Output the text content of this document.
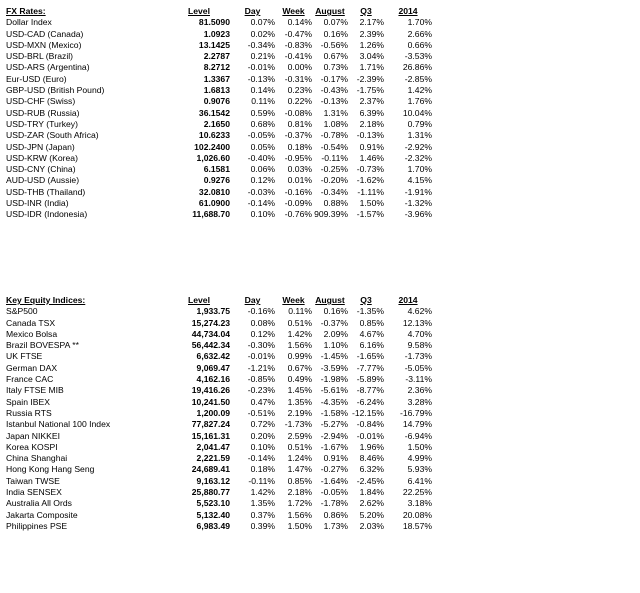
FX Rates:	Level	Day	Week	August	Q3	2014
Dollar Index	81.5090	0.07%	0.14%	0.07%	2.17%	1.70%
USD-CAD (Canada)	1.0923	0.02%	-0.47%	0.16%	2.39%	2.66%
USD-MXN (Mexico)	13.1425	-0.34%	-0.83%	-0.56%	1.26%	0.66%
USD-BRL (Brazil)	2.2787	0.21%	-0.41%	0.67%	3.04%	-3.53%
USD-ARS (Argentina)	8.2712	-0.01%	0.00%	0.73%	1.71%	26.86%
Eur-USD (Euro)	1.3367	-0.13%	-0.31%	-0.17%	-2.39%	-2.85%
GBP-USD (British Pound)	1.6813	0.14%	0.23%	-0.43%	-1.75%	1.42%
USD-CHF (Swiss)	0.9076	0.11%	0.22%	-0.13%	2.37%	1.76%
USD-RUB (Russia)	36.1542	0.59%	-0.08%	1.31%	6.39%	10.04%
USD-TRY (Turkey)	2.1650	0.68%	0.81%	1.08%	2.18%	0.79%
USD-ZAR (South Africa)	10.6233	-0.05%	-0.37%	-0.78%	-0.13%	1.31%
USD-JPN (Japan)	102.2400	0.05%	0.18%	-0.54%	0.91%	-2.92%
USD-KRW (Korea)	1,026.60	-0.40%	-0.95%	-0.11%	1.46%	-2.32%
USD-CNY (China)	6.1581	0.06%	0.03%	-0.25%	-0.73%	1.70%
AUD-USD (Aussie)	0.9276	0.12%	0.01%	-0.20%	-1.62%	4.15%
USD-THB (Thailand)	32.0810	-0.03%	-0.16%	-0.34%	-1.11%	-1.91%
USD-INR (India)	61.0900	-0.14%	-0.09%	0.88%	1.50%	-1.32%
USD-IDR (Indonesia)	11,688.70	0.10%	-0.76%	909.39%	-1.57%	-3.96%
Key Equity Indices:	Level	Day	Week	August	Q3	2014
S&P500	1,933.75	-0.16%	0.11%	0.16%	-1.35%	4.62%
Canada TSX	15,274.23	0.08%	0.51%	-0.37%	0.85%	12.13%
Mexico Bolsa	44,734.04	0.12%	1.42%	2.09%	4.67%	4.70%
Brazil BOVESPA **	56,442.34	-0.30%	1.56%	1.10%	6.16%	9.58%
UK FTSE	6,632.42	-0.01%	0.99%	-1.45%	-1.65%	-1.73%
German DAX	9,069.47	-1.21%	0.67%	-3.59%	-7.77%	-5.05%
France CAC	4,162.16	-0.85%	0.49%	-1.98%	-5.89%	-3.11%
Italy FTSE MIB	19,416.26	-0.23%	1.45%	-5.61%	-8.77%	2.36%
Spain IBEX	10,241.50	0.47%	1.35%	-4.35%	-6.24%	3.28%
Russia RTS	1,200.09	-0.51%	2.19%	-1.58%	-12.15%	-16.79%
Istanbul National 100 Index	77,827.24	0.72%	-1.73%	-5.27%	-0.84%	14.79%
Japan NIKKEI	15,161.31	0.20%	2.59%	-2.94%	-0.01%	-6.94%
Korea KOSPI	2,041.47	0.10%	0.51%	-1.67%	1.96%	1.50%
China Shanghai	2,221.59	-0.14%	1.24%	0.91%	8.46%	4.99%
Hong Kong Hang Seng	24,689.41	0.18%	1.47%	-0.27%	6.32%	5.93%
Taiwan TWSE	9,163.12	-0.11%	0.85%	-1.64%	-2.45%	6.41%
India SENSEX	25,880.77	1.42%	2.18%	-0.05%	1.84%	22.25%
Australia All Ords	5,523.10	1.35%	1.72%	-1.78%	2.62%	3.18%
Jakarta Composite	5,132.40	0.37%	1.56%	0.86%	5.20%	20.08%
Philippines PSE	6,983.49	0.39%	1.50%	1.73%	2.03%	18.57%
